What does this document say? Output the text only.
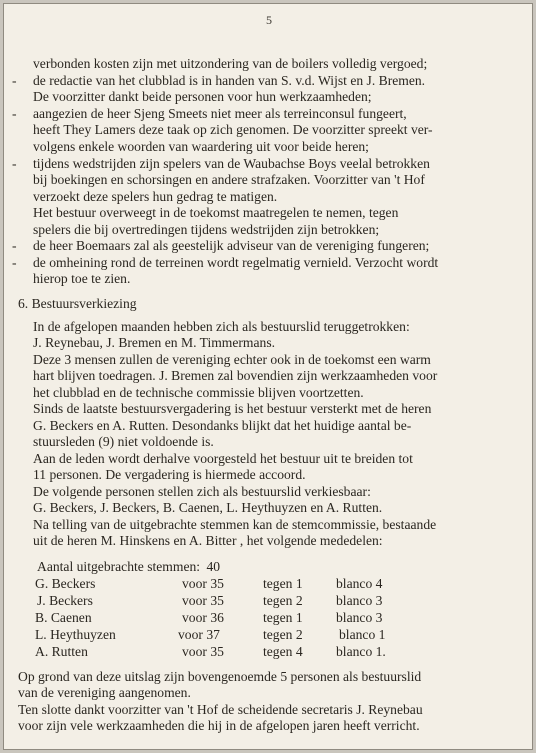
5
-
-
-
-
-
verbonden kosten zijn met uitzondering van de boilers volledig vergoed;
de redactie van het clubblad is in handen van S. v.d. Wijst en J. Bremen.
De voorzitter dankt beide personen voor hun werkzaamheden;
aangezien de heer Sjeng Smeets niet meer als terreinconsul fungeert,
heeft They Lamers deze taak op zich genomen. De voorzitter spreekt ver-
volgens enkele woorden van waardering uit voor beide heren;
tijdens wedstrijden zijn spelers van de Waubachse Boys veelal betrokken
bij boekingen en schorsingen en andere strafzaken. Voorzitter van 't Hof
verzoekt deze spelers hun gedrag te matigen.
Het bestuur overweegt in de toekomst maatregelen te nemen, tegen
spelers die bij overtredingen tijdens wedstrijden zijn betrokken;
de heer Boemaars zal als geestelijk adviseur van de vereniging fungeren;
de omheining rond de terreinen wordt regelmatig vernield. Verzocht wordt
hierop toe te zien.
6. Bestuursverkiezing
In de afgelopen maanden hebben zich als bestuurslid teruggetrokken:
J. Reynebau, J. Bremen en M. Timmermans.
Deze 3 mensen zullen de vereniging echter ook in de toekomst een warm
hart blijven toedragen. J. Bremen zal bovendien zijn werkzaamheden voor
het clubblad en de technische commissie blijven voortzetten.
Sinds de laatste bestuursvergadering is het bestuur versterkt met de heren
G. Beckers en A. Rutten. Desondanks blijkt dat het huidige aantal be-
stuursleden (9) niet voldoende is.
Aan de leden wordt derhalve voorgesteld het bestuur uit te breiden tot
11 personen. De vergadering is hiermede accoord.
De volgende personen stellen zich als bestuurslid verkiesbaar:
G. Beckers, J. Beckers, B. Caenen, L. Heythuyzen en A. Rutten.
Na telling van de uitgebrachte stemmen kan de stemcommissie, bestaande
uit de heren M. Hinskens en A. Bitter , het volgende mededelen:
Aantal uitgebrachte stemmen: 40
G. Beckers	voor 35	tegen 1 blanco 4
J. Beckers	voor 35	tegen 2 blanco 3
B. Caenen	voor 36	tegen 1 blanco 3
L. Heythuyzen	voor 37	tegen 2	blanco 1
A. Rutten	voor 35	tegen 4 blanco 1.
Op grond van deze uitslag zijn bovengenoemde 5 personen als bestuurslid
van de vereniging aangenomen.
Ten slotte dankt voorzitter van 't Hof de scheidende secretaris J. Reynebau
voor zijn vele werkzaamheden die hij in de afgelopen jaren heeft verricht.
